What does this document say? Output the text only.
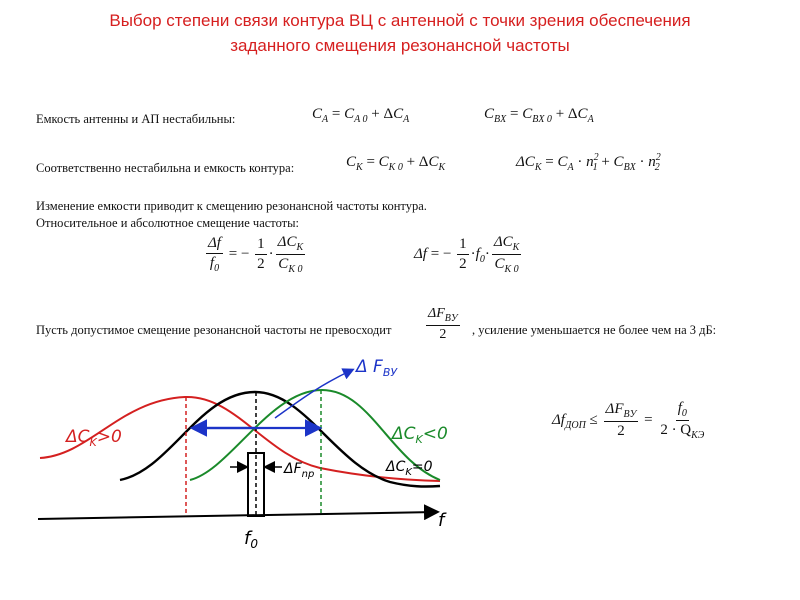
Выбор степени связи контура ВЦ с антенной с точки зрения обеспечения
заданного смещения резонансной частоты
Емкость антенны и АП нестабильны:	$C_A = C_{A 0} + \Delta C_A$	$C_{BX} = C_{BX 0} + \Delta C_A$
Соответственно нестабильна и емкость контура:	$C_K = C_{K 0} + \Delta C_K$	$\Delta C_K = C_A \cdot n^2_1 + C_{BX} \cdot n^2_2$
Изменение емкости приводит к смещению резонансной частоты контура.
Относительное и абсолютное смещение частоты:
$\frac{\Delta f}{f_0}$ = − $\frac{1}{2} \cdot \frac{\Delta C_K}{C_{K 0}}$	Δf = − $\frac{1}{2} \cdot f_0\cdot \frac{\Delta C_K}{C_{K 0}}$
Пусть допустимое смещение резонансной частоты не превосходит $\frac{\Delta F_{BУ}}{2}$ , усиление уменьшается не более чем на 3 дБ:
$\Delta f_{ДОП} \le \frac{\Delta F_{BУ}}{2} = \frac{f_0}{2 \cdot Q_{KЭ}}$
$\Delta C_K>0$	$\Delta C_K<0$
$\Delta C_K=0$
Δ $F_{BУ}$
$\Delta F_{np}$
f
$f_0$
